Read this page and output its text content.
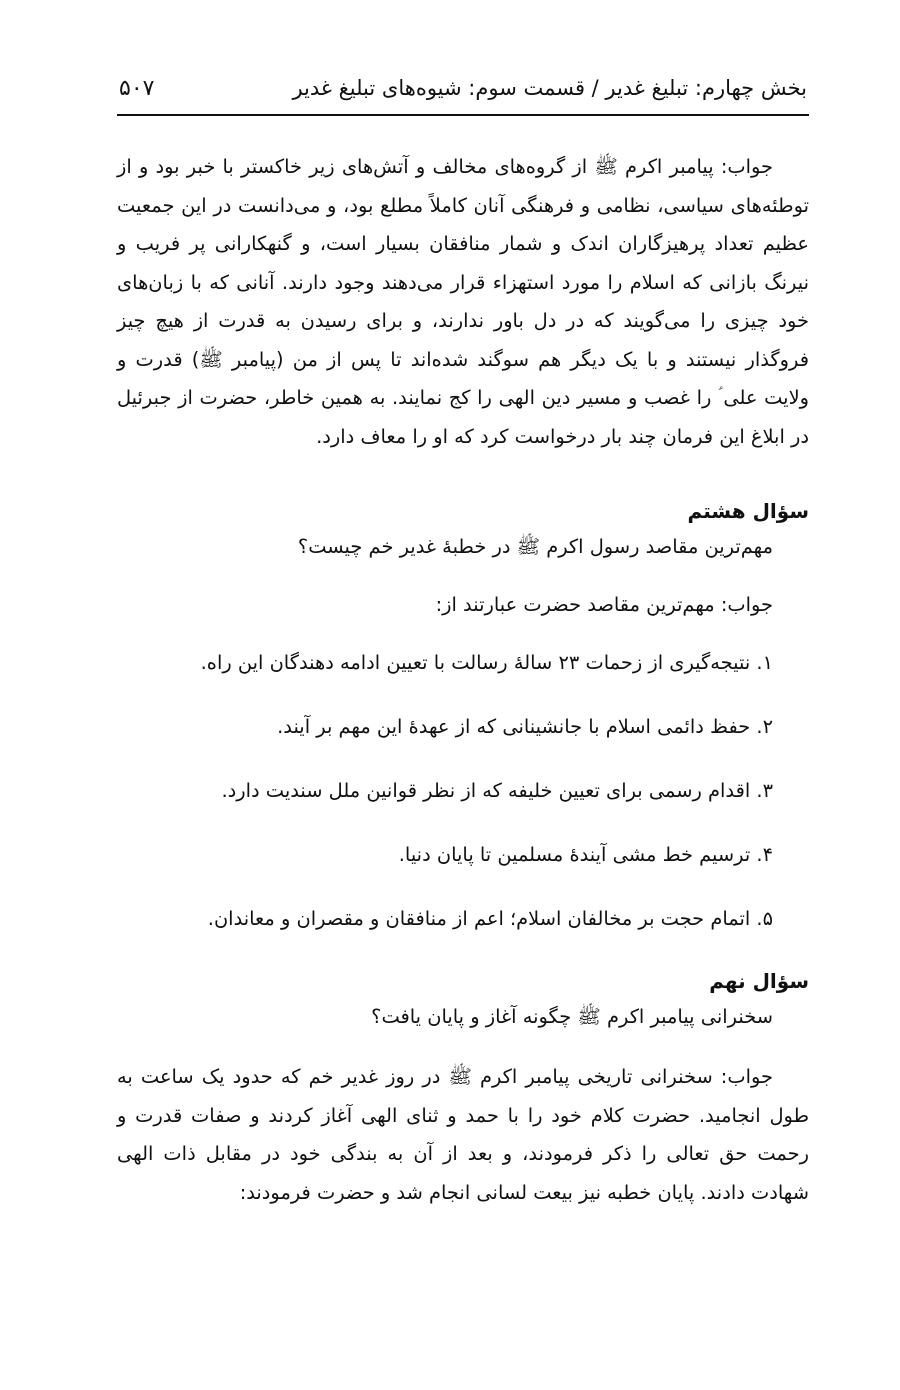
بخش چهارم: تبلیغ غدیر / قسمت سوم: شیوه‌های تبلیغ غدیر
۵۰۷

جواب: پیامبر اکرم ﷺ از گروه‌های مخالف و آتش‌های زیر خاکستر با خبر بود و از توطئه‌های سیاسی، نظامی و فرهنگی آنان کاملاً مطلع بود، و می‌دانست در این جمعیت عظیم تعداد پرهیزگاران اندک و شمار منافقان بسیار است، و گنهکارانی پر فریب و نیرنگ بازانی که اسلام را مورد استهزاء قرار می‌دهند وجود دارند. آنانی که با زبان‌های خود چیزی را می‌گویند که در دل باور ندارند، و برای رسیدن به قدرت از هیچ چیز فروگذار نیستند و با یک دیگر هم سوگند شده‌اند تا پس از من (پیامبر ﷺ) قدرت و ولایت علی ؑ را غصب و مسیر دین الهی را کج نمایند. به همین خاطر، حضرت از جبرئیل در ابلاغ این فرمان چند بار درخواست کرد که او را معاف دارد.

سؤال هشتم
مهم‌ترین مقاصد رسول اکرم ﷺ در خطبهٔ غدیر خم چیست؟
جواب: مهم‌ترین مقاصد حضرت عبارتند از:
۱. نتیجه‌گیری از زحمات ۲۳ سالهٔ رسالت با تعیین ادامه دهندگان این راه.
۲. حفظ دائمی اسلام با جانشینانی که از عهدهٔ این مهم بر آیند.
۳. اقدام رسمی برای تعیین خلیفه که از نظر قوانین ملل سندیت دارد.
۴. ترسیم خط مشی آیندهٔ مسلمین تا پایان دنیا.
۵. اتمام حجت بر مخالفان اسلام؛ اعم از منافقان و مقصران و معاندان.
سؤال نهم
سخنرانی پیامبر اکرم ﷺ چگونه آغاز و پایان یافت؟

جواب: سخنرانی تاریخی پیامبر اکرم ﷺ در روز غدیر خم که حدود یک ساعت به طول انجامید. حضرت کلام خود را با حمد و ثنای الهی آغاز کردند و صفات قدرت و رحمت حق تعالی را ذکر فرمودند، و بعد از آن به بندگی خود در مقابل ذات الهی شهادت دادند. پایان خطبه نیز بیعت لسانی انجام شد و حضرت فرمودند:
